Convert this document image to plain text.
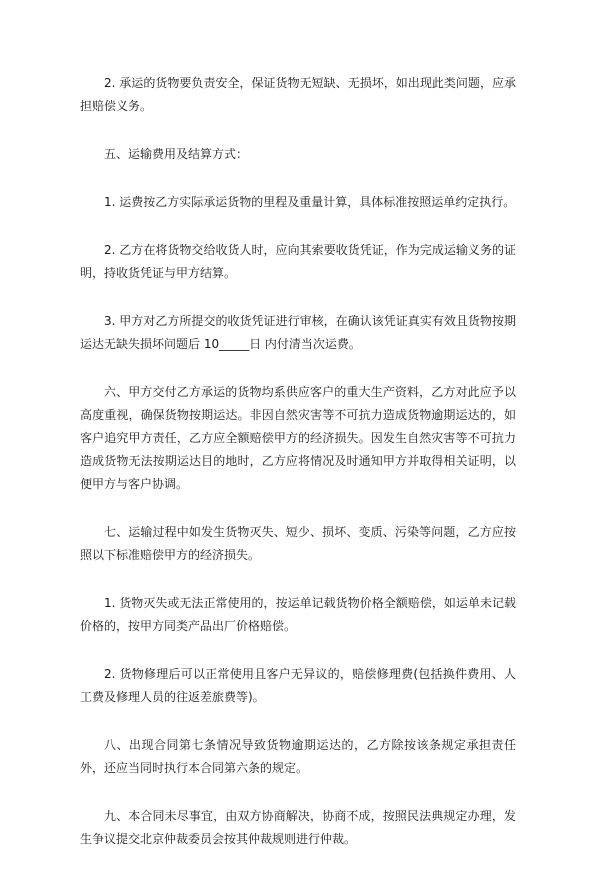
2. 承运的货物要负责安全，保证货物无短缺、无损坏，如出现此类问题，应承担赔偿义务。

五、运输费用及结算方式：

1. 运费按乙方实际承运货物的里程及重量计算，具体标准按照运单约定执行。

2. 乙方在将货物交给收货人时，应向其索要收货凭证，作为完成运输义务的证明，持收货凭证与甲方结算。

3. 甲方对乙方所提交的收货凭证进行审核，在确认该凭证真实有效且货物按期运达无缺失损坏问题后 10_____日 内付清当次运费。

六、甲方交付乙方承运的货物均系供应客户的重大生产资料，乙方对此应予以高度重视，确保货物按期运达。非因自然灾害等不可抗力造成货物逾期运达的，如客户追究甲方责任，乙方应全额赔偿甲方的经济损失。因发生自然灾害等不可抗力造成货物无法按期运达目的地时，乙方应将情况及时通知甲方并取得相关证明，以便甲方与客户协调。

七、运输过程中如发生货物灭失、短少、损坏、变质、污染等问题，乙方应按照以下标准赔偿甲方的经济损失。

1. 货物灭失或无法正常使用的，按运单记载货物价格全额赔偿，如运单未记载价格的，按甲方同类产品出厂价格赔偿。

2. 货物修理后可以正常使用且客户无异议的，赔偿修理费(包括换件费用、人工费及修理人员的往返差旅费等)。

八、出现合同第七条情况导致货物逾期运达的，乙方除按该条规定承担责任外，还应当同时执行本合同第六条的规定。

九、本合同未尽事宜，由双方协商解决，协商不成，按照民法典规定办理，发生争议提交北京仲裁委员会按其仲裁规则进行仲裁。
